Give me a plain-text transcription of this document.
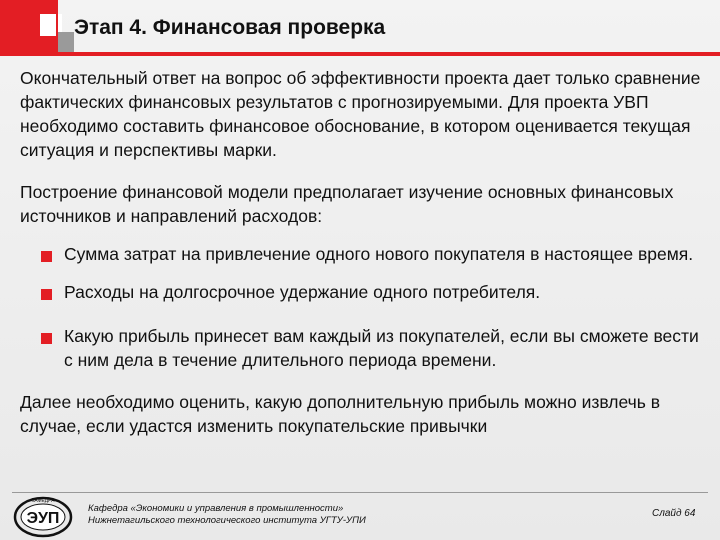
Этап 4. Финансовая проверка

Окончательный ответ на вопрос об эффективности проекта дает только сравнение фактических финансовых результатов с прогнозируемыми. Для проекта УВП необходимо составить финансовое обоснование, в котором оценивается текущая ситуация и перспективы марки.

Построение финансовой модели предполагает изучение основных финансовых источников и направлений расходов:

Сумма затрат на привлечение одного нового покупателя в настоящее время.
Расходы на долгосрочное удержание одного потребителя.
Какую прибыль принесет вам каждый из покупателей, если вы сможете вести с ним дела в течение длительного периода времени.

Далее необходимо оценить, какую дополнительную прибыль можно извлечь в случае, если удастся изменить покупательские привычки

ЭУП
КАФЕДРА
Кафедра «Экономики и управления в промышленности»
Нижнетагильского технологического института УГТУ-УПИ
Слайд 64
